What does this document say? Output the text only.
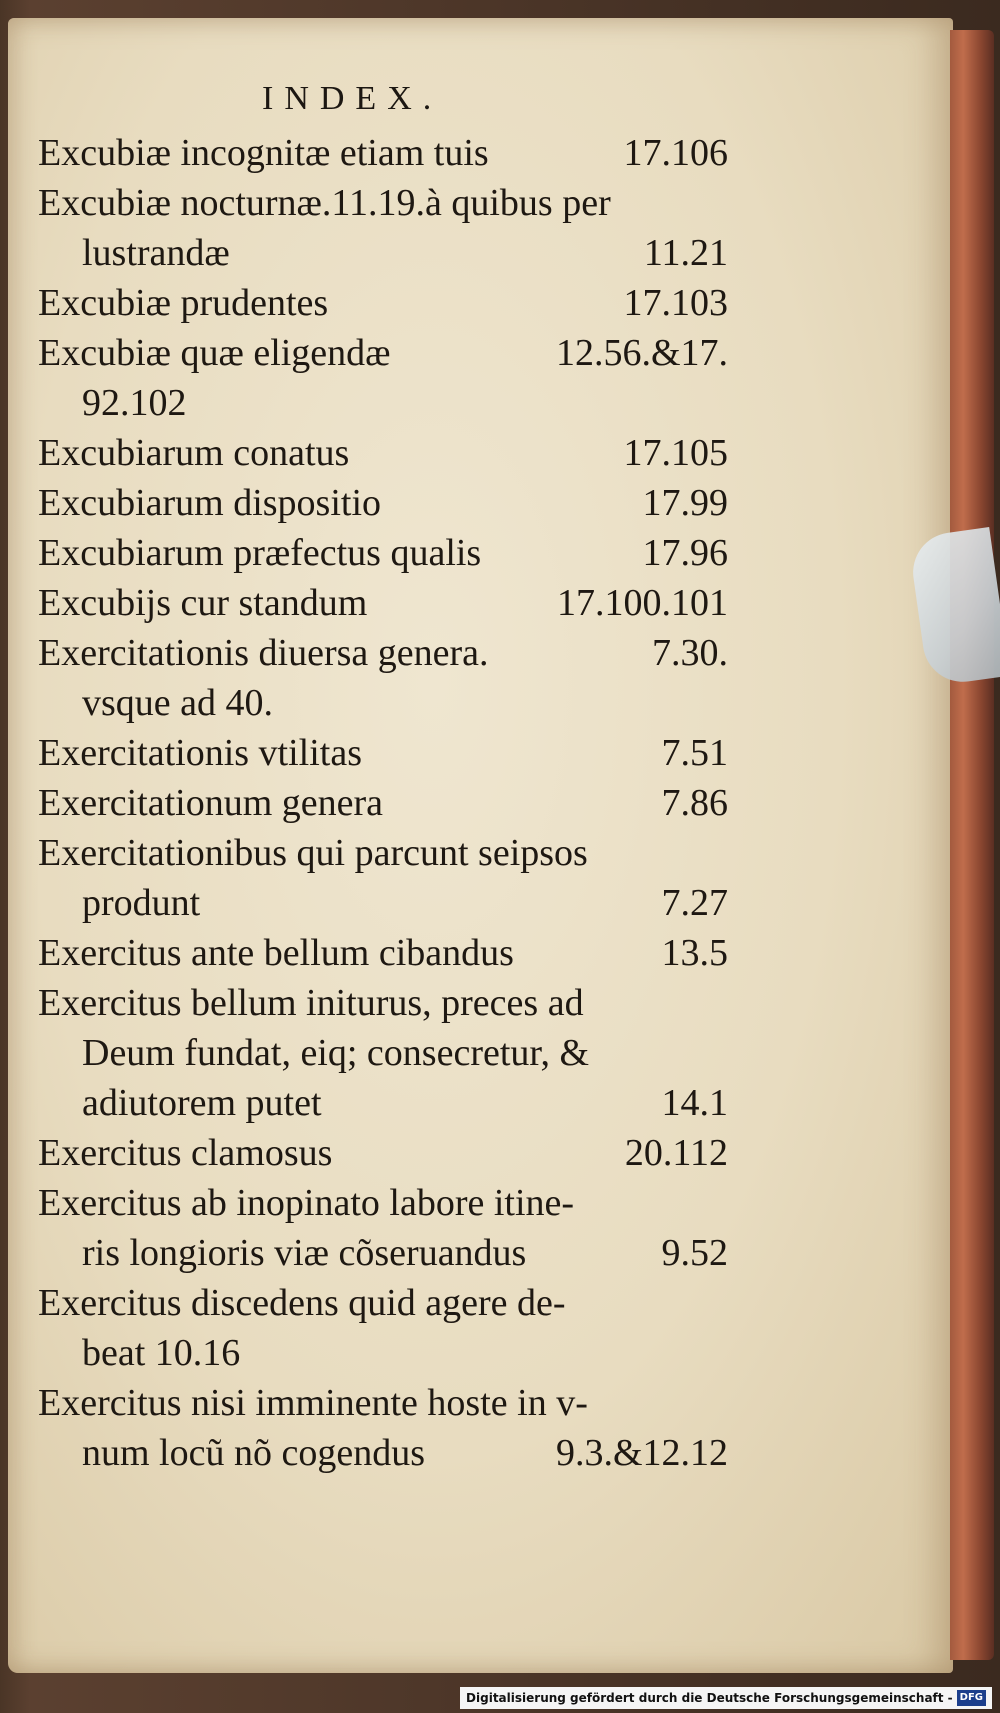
INDEX.
Excubiæ incognitæ etiam tuis	17.106
Excubiæ nocturnæ.11.19.à quibus per
lustrandæ	11.21
Excubiæ prudentes	17.103
Excubiæ quæ eligendæ	12.56.&17.
92.102
Excubiarum conatus	17.105
Excubiarum dispositio	17.99
Excubiarum præfectus qualis	17.96
Excubijs cur standum	17.100.101
Exercitationis diuersa genera.	7.30.
vsque ad 40.
Exercitationis vtilitas	7.51
Exercitationum genera	7.86
Exercitationibus qui parcunt seipsos
produnt	7.27
Exercitus ante bellum cibandus	13.5
Exercitus bellum initurus, preces ad
Deum fundat, eiq; consecretur, &
adiutorem putet	14.1
Exercitus clamosus	20.112
Exercitus ab inopinato labore itine-
ris longioris viæ cõseruandus	9.52
Exercitus discedens quid agere de-
beat 10.16
Exercitus nisi imminente hoste in v-
num locũ nõ cogendus	9.3.&12.12
Digitalisierung gefördert durch die Deutsche Forschungsgemeinschaft - DFG
